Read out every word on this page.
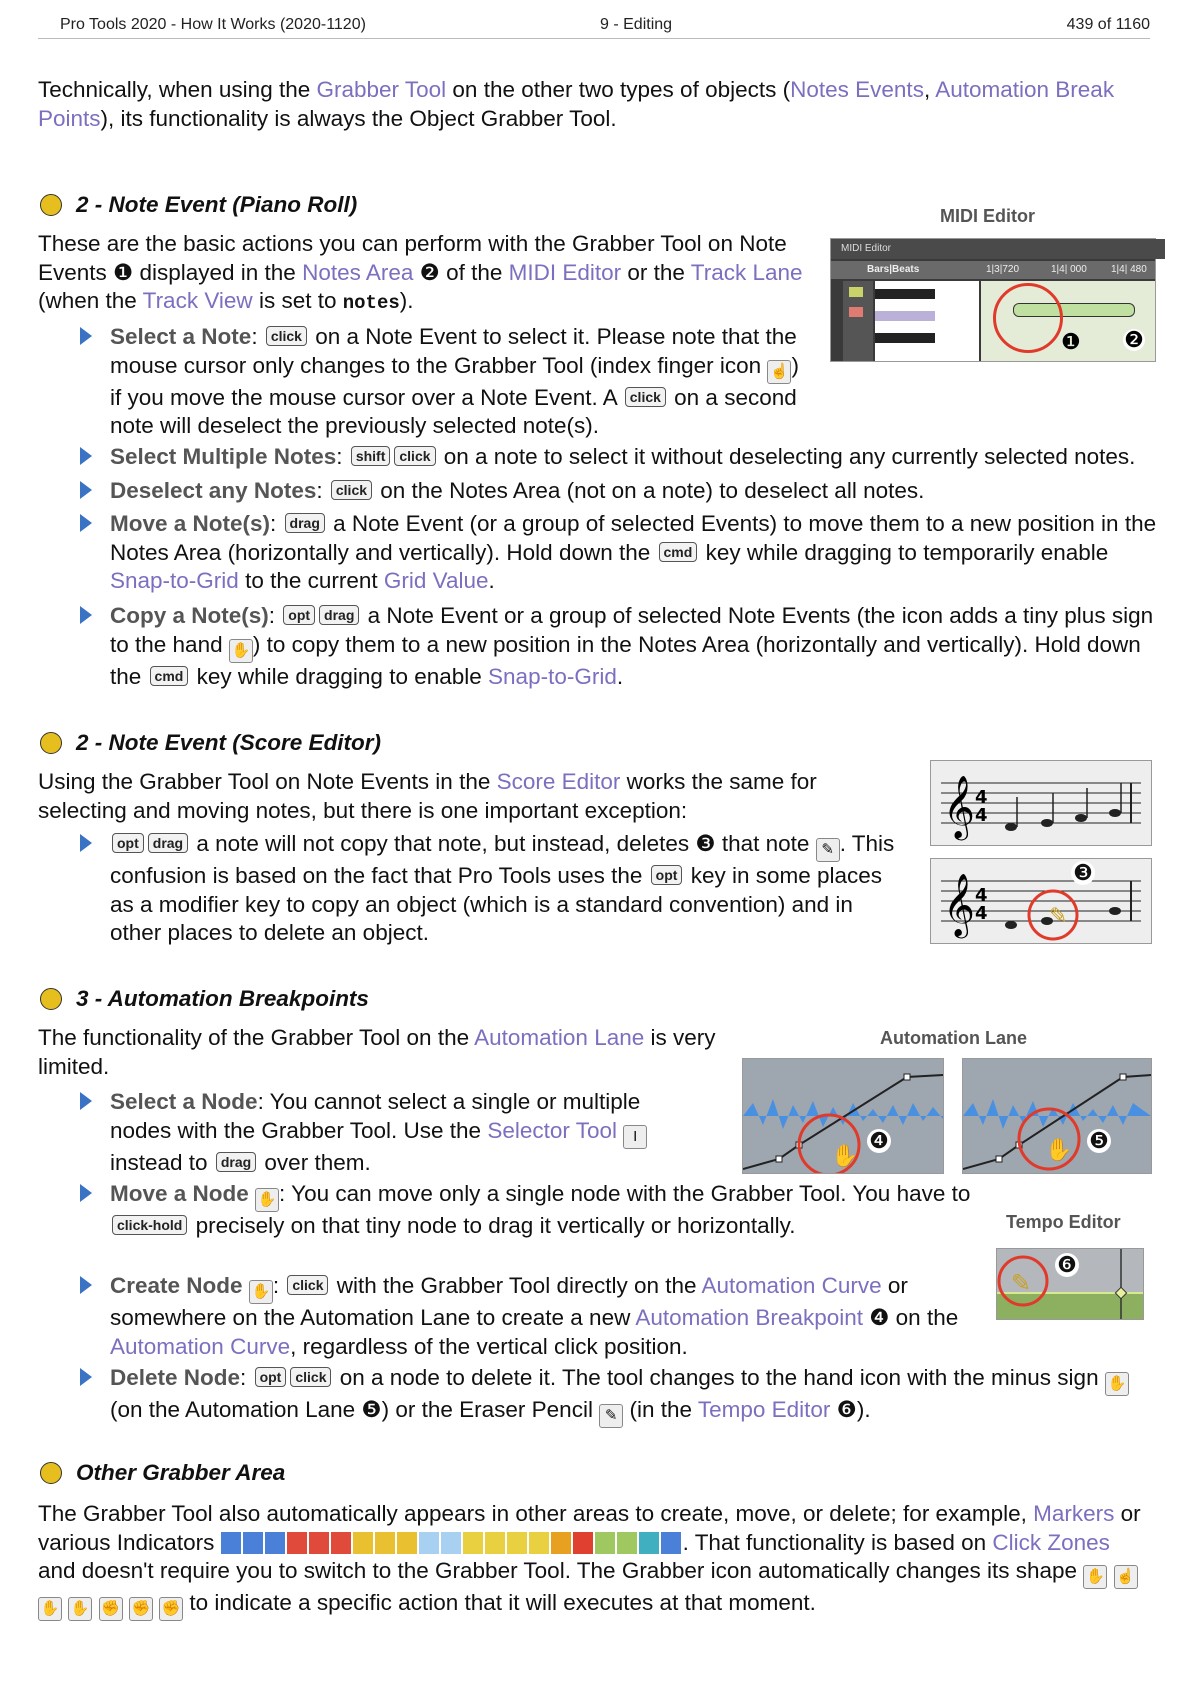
Pro Tools 2020 - How It Works (2020-1120)	9 - Editing	439 of 1160
Technically, when using the Grabber Tool on the other two types of objects (Notes Events, Automation Break Points), its functionality is always the Object Grabber Tool.
2 - Note Event (Piano Roll)	MIDI Editor
These are the basic actions you can perform with the Grabber Tool on Note Events ❶ displayed in the Notes Area ❷ of the MIDI Editor or the Track Lane (when the Track View is set to notes).
MIDI Editor
Bars|Beats	1|3|720	1|4| 000 1|4| 480
❶ ❷
Select a Note: click on a Note Event to select it. Please note that the mouse cursor only changes to the Grabber Tool (index finger icon ☝ ) if you move the mouse cursor over a Note Event. A click on a second note will deselect the previously selected note(s).
Select Multiple Notes: shift click on a note to select it without deselecting any currently selected notes.
Deselect any Notes: click on the Notes Area (not on a note) to deselect all notes.
Move a Note(s): drag a Note Event (or a group of selected Events) to move them to a new position in the Notes Area (horizontally and vertically). Hold down the cmd key while dragging to temporarily enable Snap-to-Grid to the current Grid Value.
Copy a Note(s): opt drag a Note Event or a group of selected Note Events (the icon adds a tiny plus sign to the hand ✋ ) to copy them to a new position in the Notes Area (horizontally and vertically). Hold down the cmd key while dragging to enable Snap-to-Grid.
2 - Note Event (Score Editor)
Using the Grabber Tool on Note Events in the Score Editor works the same for selecting and moving notes, but there is one important exception:
opt drag a note will not copy that note, but instead, deletes ❸ that note ✎ . This confusion is based on the fact that Pro Tools uses the opt key in some places as a modifier key to copy an object (which is a standard convention) and in other places to delete an object.
𝄞 4
4
𝄞 4
4	✎
❸
3 - Automation Breakpoints
Automation Lane
The functionality of the Grabber Tool on the Automation Lane is very limited.
✋
❹	✋ ❺
Select a Node: You cannot select a single or multiple nodes with the Grabber Tool. Use the Selector Tool I instead to drag over them.
Move a Node ✋ : You can move only a single node with the Grabber Tool. You have to click-hold precisely on that tiny node to drag it vertically or horizontally.	Tempo Editor
✎
❻
Create Node ✋ : click with the Grabber Tool directly on the Automation Curve or somewhere on the Automation Lane to create a new Automation Breakpoint ❹ on the Automation Curve, regardless of the vertical click position.
Delete Node: opt click on a node to delete it. The tool changes to the hand icon with the minus sign ✋ (on the Automation Lane ❺) or the Eraser Pencil ✎ (in the Tempo Editor ❻).
Other Grabber Area
The Grabber Tool also automatically appears in other areas to create, move, or delete; for example, Markers or various Indicators	. That functionality is based on Click Zones and doesn't require you to switch to the Grabber Tool. The Grabber icon automatically changes its shape ✋ ☝ ✋ ✋ ✊ ✊ ✊ to indicate a specific action that it will executes at that moment.
